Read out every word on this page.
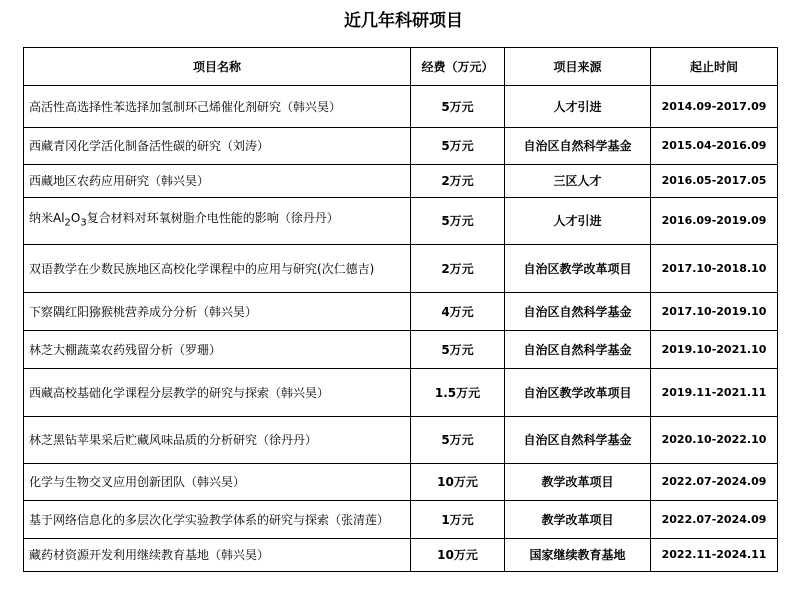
近几年科研项目
项目名称	经费（万元）	项目来源	起止时间
高活性高选择性苯选择加氢制环己烯催化剂研究（韩兴昊）	5万元	人才引进	2014.09-2017.09
西藏青冈化学活化制备活性碳的研究（刘涛）	5万元	自治区自然科学基金	2015.04-2016.09
西藏地区农药应用研究（韩兴昊）	2万元	三区人才	2016.05-2017.05
纳米$Al_2O_3$复合材料对环氧树脂介电性能的影响（徐丹丹）	5万元	人才引进	2016.09-2019.09
双语教学在少数民族地区高校化学课程中的应用与研究(次仁德吉)	2万元	自治区教学改革项目	2017.10-2018.10
下察隅红阳猕猴桃营养成分分析（韩兴昊）	4万元	自治区自然科学基金	2017.10-2019.10
林芝大棚蔬菜农药残留分析（罗珊）	5万元	自治区自然科学基金	2019.10-2021.10
西藏高校基础化学课程分层教学的研究与探索（韩兴昊）	1.5万元	自治区教学改革项目	2019.11-2021.11
林芝黑钻苹果采后贮藏风味品质的分析研究（徐丹丹）	5万元	自治区自然科学基金	2020.10-2022.10
化学与生物交叉应用创新团队（韩兴昊）	10万元	教学改革项目	2022.07-2024.09
基于网络信息化的多层次化学实验教学体系的研究与探索（张清莲）	1万元	教学改革项目	2022.07-2024.09
藏药材资源开发利用继续教育基地（韩兴昊）	10万元	国家继续教育基地	2022.11-2024.11
